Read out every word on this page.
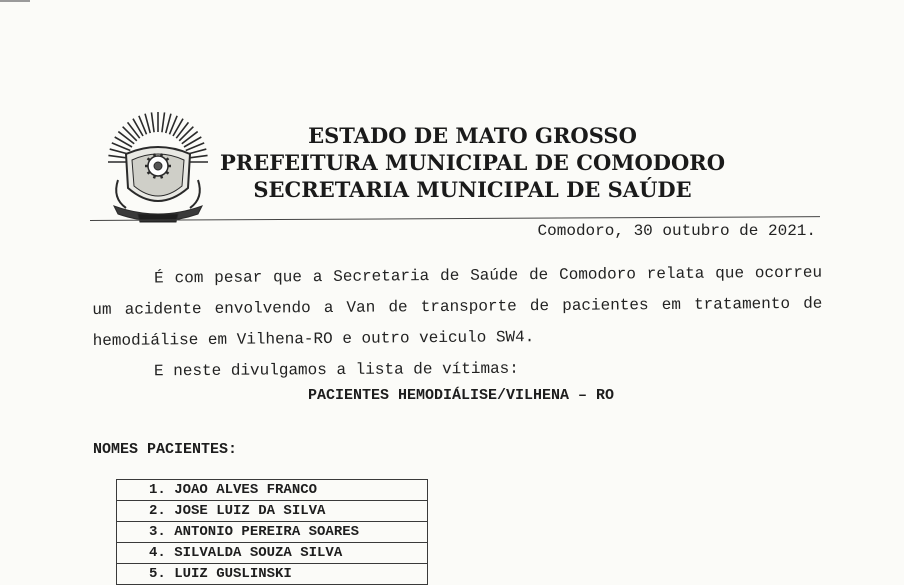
ESTADO DE MATO GROSSO
PREFEITURA MUNICIPAL DE COMODORO
SECRETARIA MUNICIPAL DE SAÚDE
Comodoro, 30 outubro de 2021.
É com pesar que a Secretaria de Saúde de Comodoro relata que ocorreu um acidente envolvendo a Van de transporte de pacientes em tratamento de hemodiálise em Vilhena-RO e outro veiculo SW4.
E neste divulgamos a lista de vítimas:
PACIENTES HEMODIÁLISE/VILHENA – RO
NOMES PACIENTES:
1. JOAO ALVES FRANCO
2. JOSE LUIZ DA SILVA
3. ANTONIO PEREIRA SOARES
4. SILVALDA SOUZA SILVA
5. LUIZ GUSLINSKI
